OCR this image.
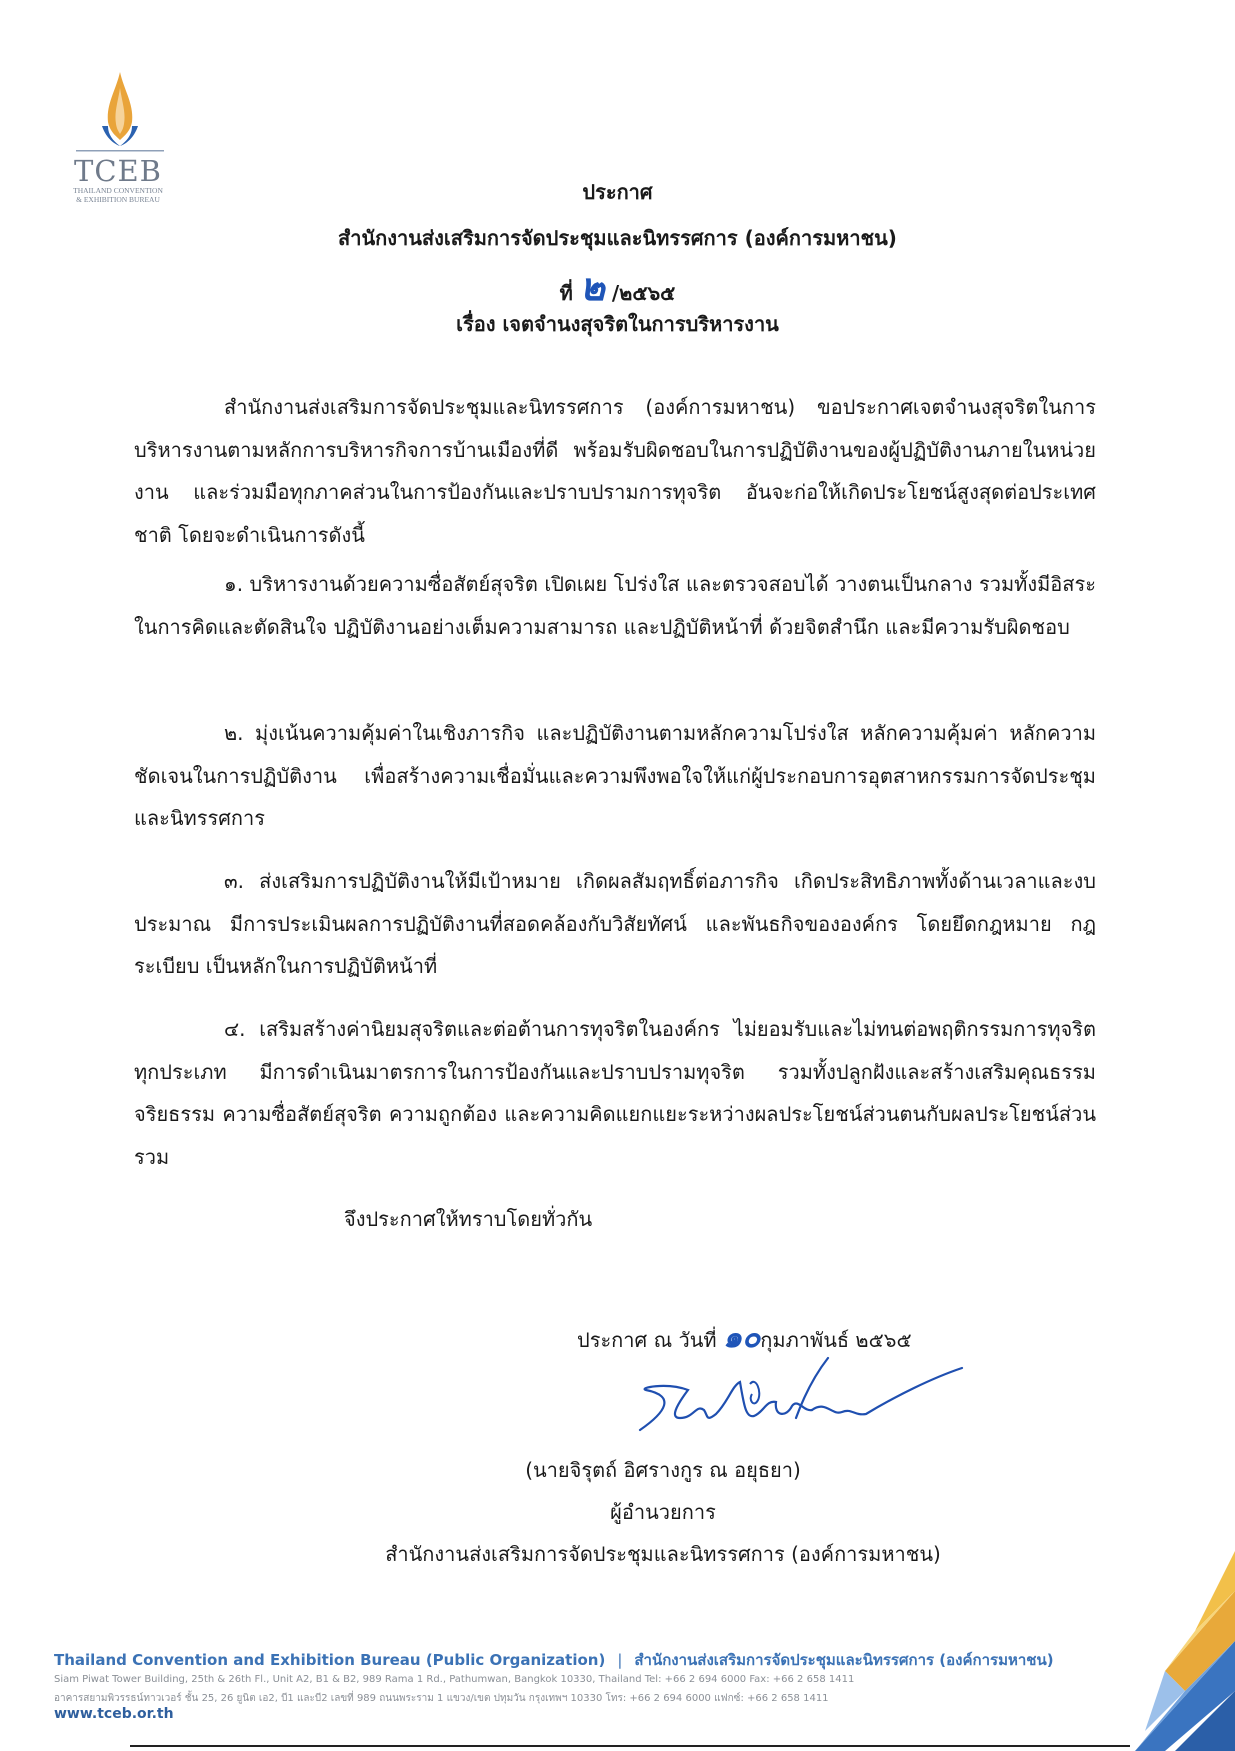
TCEB
THAILAND CONVENTION
& EXHIBITION BUREAU	ประกาศ
สำนักงานส่งเสริมการจัดประชุมและนิทรรศการ (องค์การมหาชน)
ที่ ๒ /๒๕๖๕
เรื่อง เจตจำนงสุจริตในการบริหารงาน
สำนักงานส่งเสริมการจัดประชุมและนิทรรศการ (องค์การมหาชน) ขอประกาศเจตจำนงสุจริตในการบริหารงานตามหลักการบริหารกิจการบ้านเมืองที่ดี พร้อมรับผิดชอบในการปฏิบัติงานของผู้ปฏิบัติงานภายในหน่วยงาน และร่วมมือทุกภาคส่วนในการป้องกันและปราบปรามการทุจริต อันจะก่อให้เกิดประโยชน์สูงสุดต่อประเทศชาติ โดยจะดำเนินการดังนี้
๑. บริหารงานด้วยความซื่อสัตย์สุจริต เปิดเผย โปร่งใส และตรวจสอบได้ วางตนเป็นกลาง รวมทั้งมีอิสระ ในการคิดและตัดสินใจ ปฏิบัติงานอย่างเต็มความสามารถ และปฏิบัติหน้าที่ ด้วยจิตสำนึก และมีความรับผิดชอบ
๒. มุ่งเน้นความคุ้มค่าในเชิงภารกิจ และปฏิบัติงานตามหลักความโปร่งใส หลักความคุ้มค่า หลักความชัดเจนในการปฏิบัติงาน เพื่อสร้างความเชื่อมั่นและความพึงพอใจให้แก่ผู้ประกอบการอุตสาหกรรมการจัดประชุมและนิทรรศการ
๓. ส่งเสริมการปฏิบัติงานให้มีเป้าหมาย เกิดผลสัมฤทธิ์ต่อภารกิจ เกิดประสิทธิภาพทั้งด้านเวลาและงบประมาณ มีการประเมินผลการปฏิบัติงานที่สอดคล้องกับวิสัยทัศน์ และพันธกิจขององค์กร โดยยึดกฎหมาย กฎ ระเบียบ เป็นหลักในการปฏิบัติหน้าที่
๔. เสริมสร้างค่านิยมสุจริตและต่อต้านการทุจริตในองค์กร ไม่ยอมรับและไม่ทนต่อพฤติกรรมการทุจริตทุกประเภท มีการดำเนินมาตรการในการป้องกันและปราบปรามทุจริต รวมทั้งปลูกฝังและสร้างเสริมคุณธรรม จริยธรรม ความซื่อสัตย์สุจริต ความถูกต้อง และความคิดแยกแยะระหว่างผลประโยชน์ส่วนตนกับผลประโยชน์ส่วนรวม
จึงประกาศให้ทราบโดยทั่วกัน
ประกาศ ณ วันที่ ๑๐กุมภาพันธ์ ๒๕๖๕
(นายจิรุตถ์ อิศรางกูร ณ อยุธยา)
ผู้อำนวยการ
สำนักงานส่งเสริมการจัดประชุมและนิทรรศการ (องค์การมหาชน)
Thailand Convention and Exhibition Bureau (Public Organization) | สำนักงานส่งเสริมการจัดประชุมและนิทรรศการ (องค์การมหาชน)
Siam Piwat Tower Building, 25th & 26th Fl., Unit A2, B1 & B2, 989 Rama 1 Rd., Pathumwan, Bangkok 10330, Thailand Tel: +66 2 694 6000 Fax: +66 2 658 1411
อาคารสยามพิวรรธน์ทาวเวอร์ ชั้น 25, 26 ยูนิต เอ2, บี1 และบี2 เลขที่ 989 ถนนพระราม 1 แขวง/เขต ปทุมวัน กรุงเทพฯ 10330 โทร: +66 2 694 6000 แฟกซ์: +66 2 658 1411
www.tceb.or.th
